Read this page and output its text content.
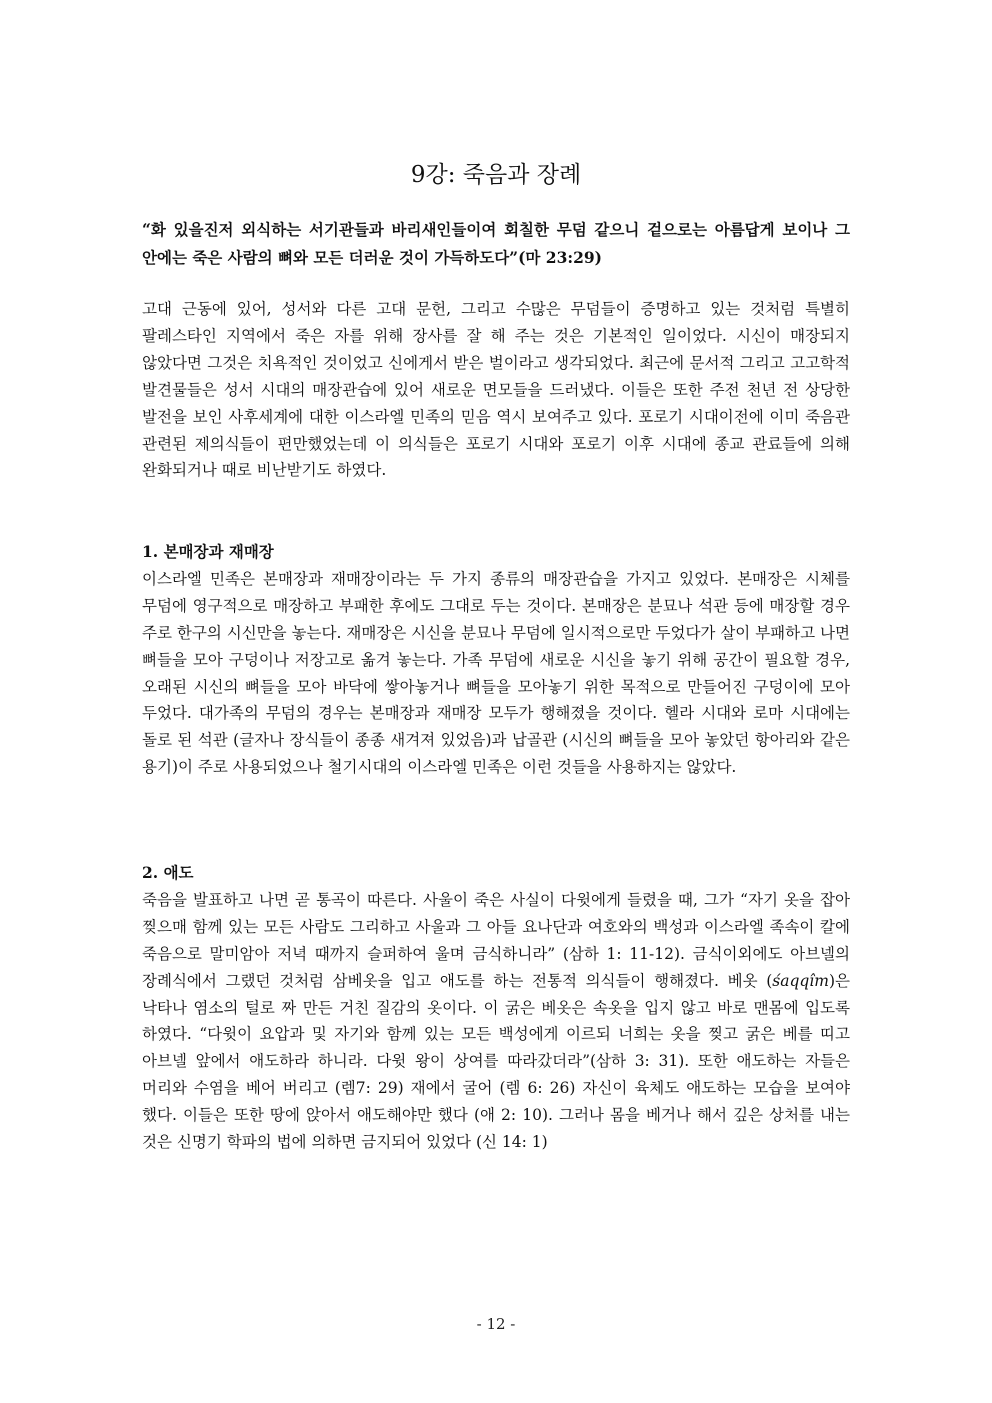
9강: 죽음과 장례

“화 있을진저 외식하는 서기관들과 바리새인들이여 회칠한 무덤 같으니 겉으로는 아름답게 보이나 그 안에는 죽은 사람의 뼈와 모든 더러운 것이 가득하도다”(마 23:29)

고대 근동에 있어, 성서와 다른 고대 문헌, 그리고 수많은 무덤들이 증명하고 있는 것처럼 특별히 팔레스타인 지역에서 죽은 자를 위해 장사를 잘 해 주는 것은 기본적인 일이었다. 시신이 매장되지 않았다면 그것은 치욕적인 것이었고 신에게서 받은 벌이라고 생각되었다. 최근에 문서적 그리고 고고학적 발견물들은 성서 시대의 매장관습에 있어 새로운 면모들을 드러냈다. 이들은 또한 주전 천년 전 상당한 발전을 보인 사후세계에 대한 이스라엘 민족의 믿음 역시 보여주고 있다. 포로기 시대이전에 이미 죽음관 관련된 제의식들이 편만했었는데 이 의식들은 포로기 시대와 포로기 이후 시대에 종교 관료들에 의해 완화되거나 때로 비난받기도 하였다.

1. 본매장과 재매장

이스라엘 민족은 본매장과 재매장이라는 두 가지 종류의 매장관습을 가지고 있었다. 본매장은 시체를 무덤에 영구적으로 매장하고 부패한 후에도 그대로 두는 것이다. 본매장은 분묘나 석관 등에 매장할 경우 주로 한구의 시신만을 놓는다. 재매장은 시신을 분묘나 무덤에 일시적으로만 두었다가 살이 부패하고 나면 뼈들을 모아 구덩이나 저장고로 옮겨 놓는다. 가족 무덤에 새로운 시신을 놓기 위해 공간이 필요할 경우, 오래된 시신의 뼈들을 모아 바닥에 쌓아놓거나 뼈들을 모아놓기 위한 목적으로 만들어진 구덩이에 모아 두었다. 대가족의 무덤의 경우는 본매장과 재매장 모두가 행해졌을 것이다. 헬라 시대와 로마 시대에는 돌로 된 석관 (글자나 장식들이 종종 새겨져 있었음)과 납골관 (시신의 뼈들을 모아 놓았던 항아리와 같은 용기)이 주로 사용되었으나 철기시대의 이스라엘 민족은 이런 것들을 사용하지는 않았다.

2. 애도

죽음을 발표하고 나면 곧 통곡이 따른다. 사울이 죽은 사실이 다윗에게 들렸을 때, 그가 “자기 옷을 잡아 찢으매 함께 있는 모든 사람도 그리하고 사울과 그 아들 요나단과 여호와의 백성과 이스라엘 족속이 칼에 죽음으로 말미암아 저녁 때까지 슬퍼하여 울며 금식하니라” (삼하 1: 11-12). 금식이외에도 아브넬의 장례식에서 그랬던 것처럼 삼베옷을 입고 애도를 하는 전통적 의식들이 행해졌다. 베옷 (śaqqîm)은 낙타나 염소의 털로 짜 만든 거친 질감의 옷이다. 이 굵은 베옷은 속옷을 입지 않고 바로 맨몸에 입도록 하였다. “다윗이 요압과 및 자기와 함께 있는 모든 백성에게 이르되 너희는 옷을 찢고 굵은 베를 띠고 아브넬 앞에서 애도하라 하니라. 다윗 왕이 상여를 따라갔더라”(삼하 3: 31). 또한 애도하는 자들은 머리와 수염을 베어 버리고 (렘7: 29) 재에서 굴어 (렘 6: 26) 자신이 육체도 애도하는 모습을 보여야 했다. 이들은 또한 땅에 앉아서 애도해야만 했다 (애 2: 10). 그러나 몸을 베거나 해서 깊은 상처를 내는 것은 신명기 학파의 법에 의하면 금지되어 있었다 (신 14: 1)

- 12 -
